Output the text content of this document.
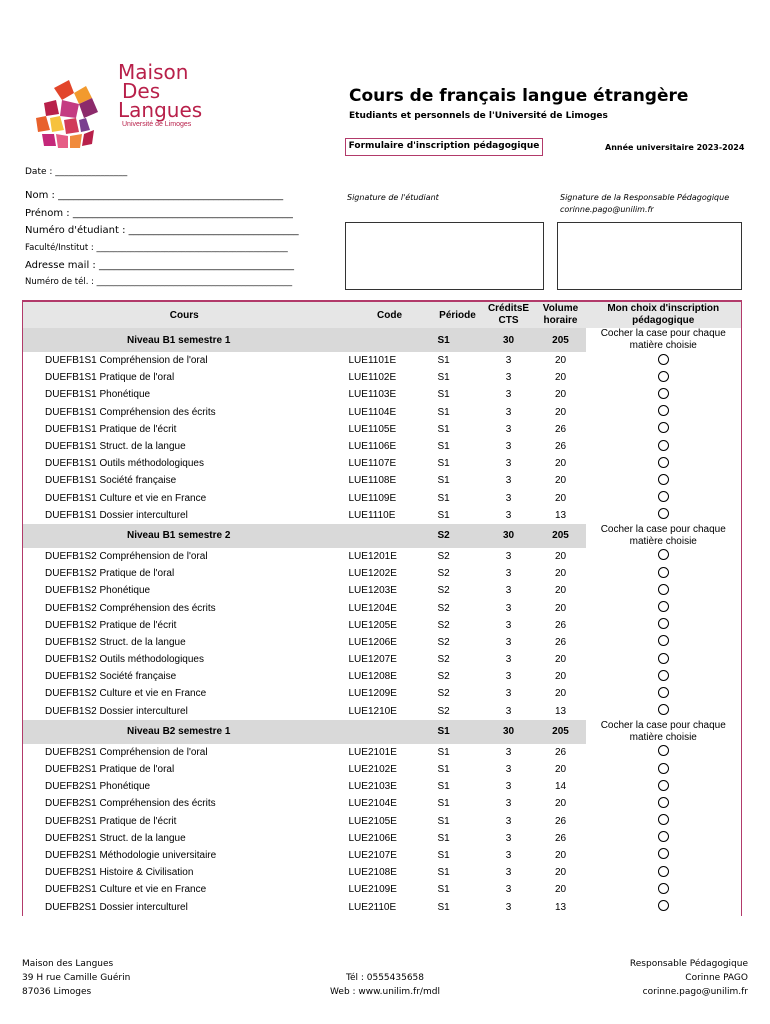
Maison
Des
Langues
Université de Limoges
Cours de français langue étrangère
Etudiants et personnels de l'Université de Limoges
Formulaire d'inscription pédagogique	Année universitaire 2023-2024
Date : ________________
Nom : _____________________________________________
Prénom : ____________________________________________
Numéro d'étudiant : __________________________________
Faculté/Institut : _____________________________________________
Adresse mail : _______________________________________
Numéro de tél. : ______________________________________________
Signature de l'étudiant	Signature de la Responsable Pédagogique
corinne.pago@unilim.fr
Cours	Code	Période	CréditsE CTS	Volume horaire	Mon choix d'inscription pédagogique
Niveau B1 semestre 1		S1	30	205	Cocher la case pour chaque matière choisie
DUEFB1S1 Compréhension de l'oral	LUE1101E	S1	3	20	
DUEFB1S1 Pratique de l'oral	LUE1102E	S1	3	20	
DUEFB1S1 Phonétique	LUE1103E	S1	3	20	
DUEFB1S1 Compréhension des écrits	LUE1104E	S1	3	20	
DUEFB1S1 Pratique de l'écrit	LUE1105E	S1	3	26	
DUEFB1S1 Struct. de la langue	LUE1106E	S1	3	26	
DUEFB1S1 Outils méthodologiques	LUE1107E	S1	3	20	
DUEFB1S1 Société française	LUE1108E	S1	3	20	
DUEFB1S1 Culture et vie en France	LUE1109E	S1	3	20	
DUEFB1S1 Dossier interculturel	LUE1110E	S1	3	13	
Niveau B1 semestre 2		S2	30	205	Cocher la case pour chaque matière choisie
DUEFB1S2 Compréhension de l'oral	LUE1201E	S2	3	20	
DUEFB1S2 Pratique de l'oral	LUE1202E	S2	3	20	
DUEFB1S2 Phonétique	LUE1203E	S2	3	20	
DUEFB1S2 Compréhension des écrits	LUE1204E	S2	3	20	
DUEFB1S2 Pratique de l'écrit	LUE1205E	S2	3	26	
DUEFB1S2 Struct. de la langue	LUE1206E	S2	3	26	
DUEFB1S2 Outils méthodologiques	LUE1207E	S2	3	20	
DUEFB1S2 Société française	LUE1208E	S2	3	20	
DUEFB1S2 Culture et vie en France	LUE1209E	S2	3	20	
DUEFB1S2 Dossier interculturel	LUE1210E	S2	3	13	
Niveau B2 semestre 1		S1	30	205	Cocher la case pour chaque matière choisie
DUEFB2S1 Compréhension de l'oral	LUE2101E	S1	3	26	
DUEFB2S1 Pratique de l'oral	LUE2102E	S1	3	20	
DUEFB2S1 Phonétique	LUE2103E	S1	3	14	
DUEFB2S1 Compréhension des écrits	LUE2104E	S1	3	20	
DUEFB2S1 Pratique de l'écrit	LUE2105E	S1	3	26	
DUEFB2S1 Struct. de la langue	LUE2106E	S1	3	26	
DUEFB2S1 Méthodologie universitaire	LUE2107E	S1	3	20	
DUEFB2S1 Histoire & Civilisation	LUE2108E	S1	3	20	
DUEFB2S1 Culture et vie en France	LUE2109E	S1	3	20	
DUEFB2S1 Dossier interculturel	LUE2110E	S1	3	13	
Maison des Langues
39 H rue Camille Guérin
87036 Limoges
Tél : 0555435658
Web : www.unilim.fr/mdl
Responsable Pédagogique
Corinne PAGO
corinne.pago@unilim.fr
